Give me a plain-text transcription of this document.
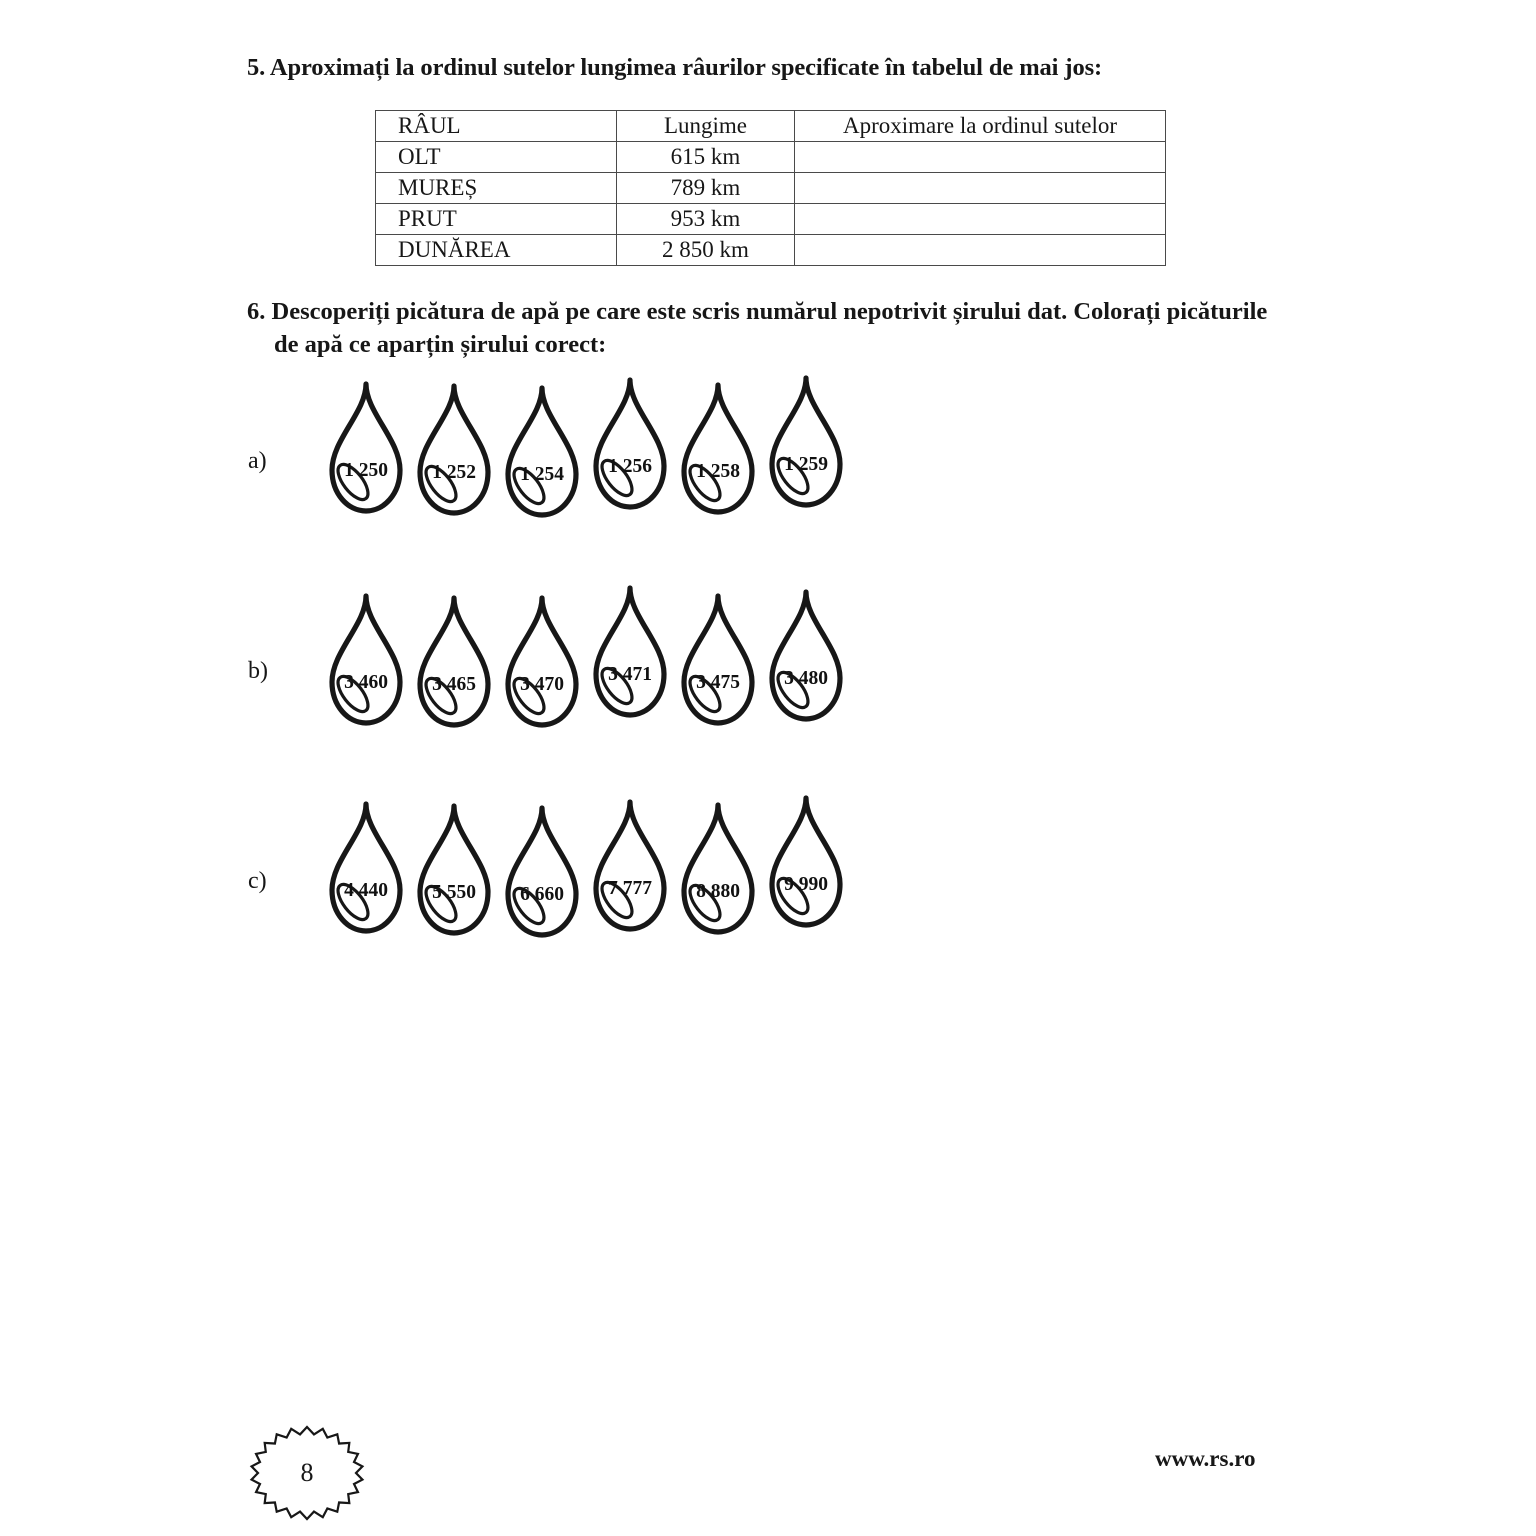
5. Aproximați la ordinul sutelor lungimea râurilor specificate în tabelul de mai jos:
RÂUL	Lungime	Aproximare la ordinul sutelor
OLT	615 km	
MUREȘ	789 km	
PRUT	953 km	
DUNĂREA	2 850 km	
6. Descoperiți picătura de apă pe care este scris numărul nepotrivit șirului dat. Colorați picăturile
de apă ce aparțin șirului corect:
a)
b)
c)
1 250	1 252	1 254	1 256	1 258	1 259
3 460	3 465	3 470	3 471	3 475	3 480
4 440	5 550	6 660	7 777	8 880	9 990
8	www.rs.ro
